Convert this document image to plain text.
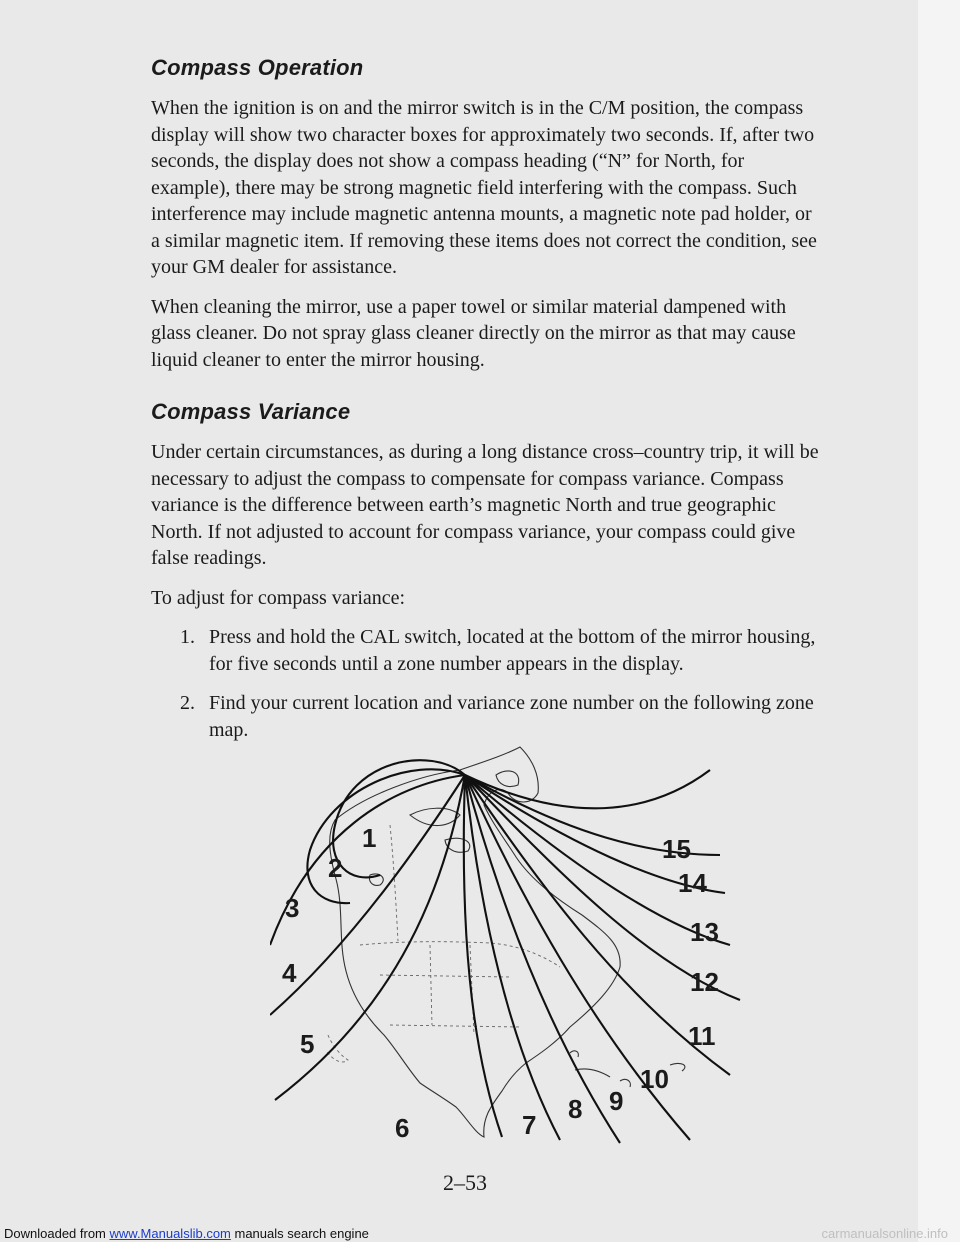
Compass Operation

When the ignition is on and the mirror switch is in the C/M position, the compass display will show two character boxes for approximately two seconds. If, after two seconds, the display does not show a compass heading (“N” for North, for example), there may be strong magnetic field interfering with the compass. Such interference may include magnetic antenna mounts, a magnetic note pad holder, or a similar magnetic item. If removing these items does not correct the condition, see your GM dealer for assistance.

When cleaning the mirror, use a paper towel or similar material dampened with glass cleaner. Do not spray glass cleaner directly on the mirror as that may cause liquid cleaner to enter the mirror housing.

Compass Variance

Under certain circumstances, as during a long distance cross–country trip, it will be necessary to adjust the compass to compensate for compass variance. Compass variance is the difference between earth’s magnetic North and true geographic North. If not adjusted to account for compass variance, your compass could give false readings.

To adjust for compass variance:

1. Press and hold the CAL switch, located at the bottom of the mirror housing, for five seconds until a zone number appears in the display.
2. Find your current location and variance zone number on the following zone map.
1
2
3
4
5
6	7
8 9
10
11
12
13
14
15
2–53
Downloaded from www.Manualslib.com manuals search engine	carmanualsonline.info
